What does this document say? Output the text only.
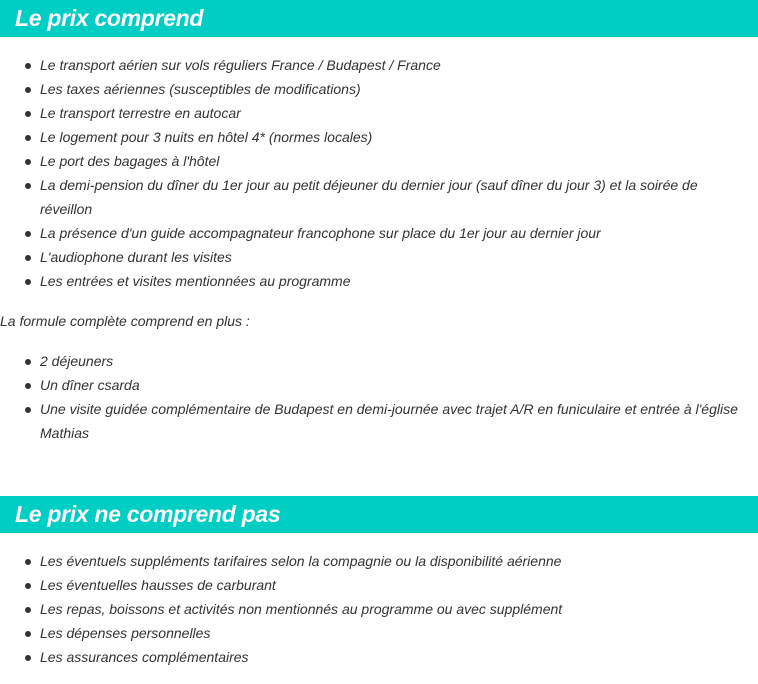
Le prix comprend
Le transport aérien sur vols réguliers France / Budapest / France
Les taxes aériennes (susceptibles de modifications)
Le transport terrestre en autocar
Le logement pour 3 nuits en hôtel 4* (normes locales)
Le port des bagages à l'hôtel
La demi-pension du dîner du 1er jour au petit déjeuner du dernier jour (sauf dîner du jour 3) et la soirée de réveillon
La présence d'un guide accompagnateur francophone sur place du 1er jour au dernier jour
L'audiophone durant les visites
Les entrées et visites mentionnées au programme

La formule complète comprend en plus :

2 déjeuners
Un dîner csarda
Une visite guidée complémentaire de Budapest en demi-journée avec trajet A/R en funiculaire et entrée à l'église Mathias
Le prix ne comprend pas
Les éventuels suppléments tarifaires selon la compagnie ou la disponibilité aérienne
Les éventuelles hausses de carburant
Les repas, boissons et activités non mentionnés au programme ou avec supplément
Les dépenses personnelles
Les assurances complémentaires
